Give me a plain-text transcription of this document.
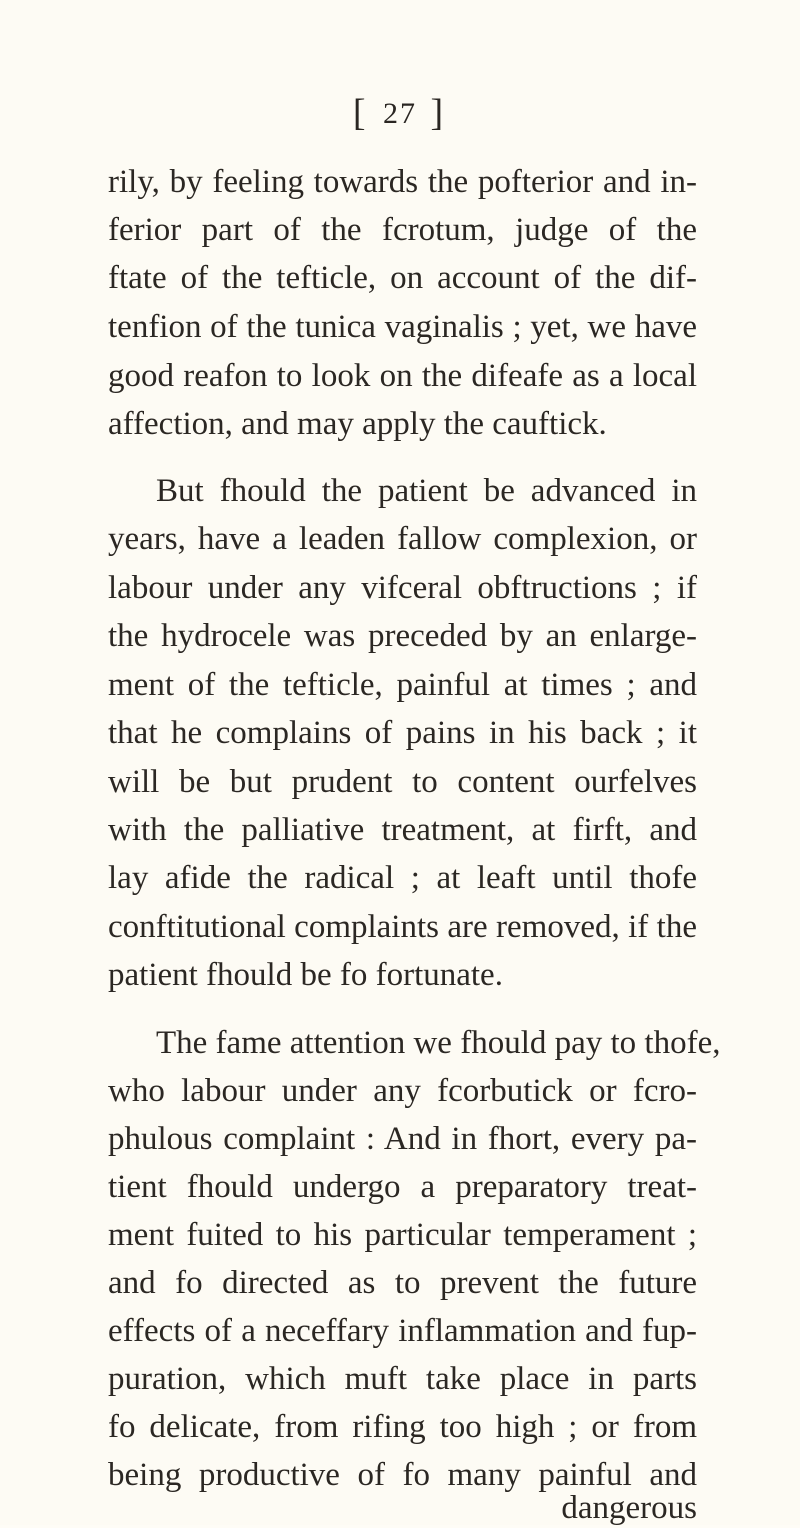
[ 27 ]
rily, by feeling towards the pofterior and in-
ferior part of the fcrotum, judge of the
ftate of the tefticle, on account of the dif-
tenfion of the tunica vaginalis ; yet, we have
good reafon to look on the difeafe as a local
affection, and may apply the cauftick.
But fhould the patient be advanced in
years, have a leaden fallow complexion, or
labour under any vifceral obftructions ; if
the hydrocele was preceded by an enlarge-
ment of the tefticle, painful at times ; and
that he complains of pains in his back ; it
will be but prudent to content ourfelves
with the palliative treatment, at firft, and
lay afide the radical ; at leaft until thofe
conftitutional complaints are removed, if the
patient fhould be fo fortunate.
The fame attention we fhould pay to thofe,
who labour under any fcorbutick or fcro-
phulous complaint : And in fhort, every pa-
tient fhould undergo a preparatory treat-
ment fuited to his particular temperament ;
and fo directed as to prevent the future
effects of a neceffary inflammation and fup-
puration, which muft take place in parts
fo delicate, from rifing too high ; or from
dangerous
being productive of fo many painful and
